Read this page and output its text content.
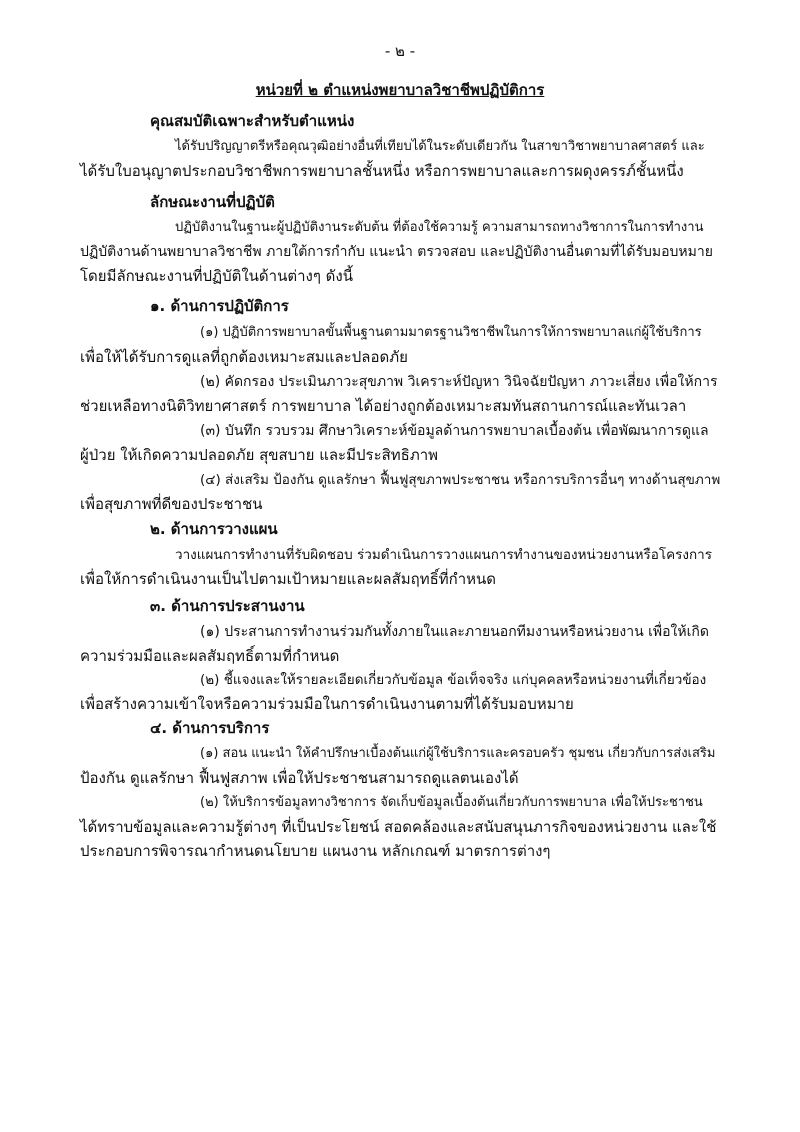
- ๒ -
หน่วยที่ ๒ ตำแหน่งพยาบาลวิชาชีพปฏิบัติการ
คุณสมบัติเฉพาะสำหรับตำแหน่ง
ได้รับปริญญาตรีหรือคุณวุฒิอย่างอื่นที่เทียบได้ในระดับเดียวกัน ในสาขาวิชาพยาบาลศาสตร์ และ
ได้รับใบอนุญาตประกอบวิชาชีพการพยาบาลชั้นหนึ่ง หรือการพยาบาลและการผดุงครรภ์ชั้นหนึ่ง
ลักษณะงานที่ปฏิบัติ
ปฏิบัติงานในฐานะผู้ปฏิบัติงานระดับต้น ที่ต้องใช้ความรู้ ความสามารถทางวิชาการในการทำงาน
ปฏิบัติงานด้านพยาบาลวิชาชีพ ภายใต้การกำกับ แนะนำ ตรวจสอบ และปฏิบัติงานอื่นตามที่ได้รับมอบหมาย
โดยมีลักษณะงานที่ปฏิบัติในด้านต่างๆ ดังนี้
๑. ด้านการปฏิบัติการ
(๑) ปฏิบัติการพยาบาลขั้นพื้นฐานตามมาตรฐานวิชาชีพในการให้การพยาบาลแก่ผู้ใช้บริการ
เพื่อให้ได้รับการดูแลที่ถูกต้องเหมาะสมและปลอดภัย
(๒) คัดกรอง ประเมินภาวะสุขภาพ วิเคราะห์ปัญหา วินิจฉัยปัญหา ภาวะเสี่ยง เพื่อให้การ
ช่วยเหลือทางนิติวิทยาศาสตร์ การพยาบาล ได้อย่างถูกต้องเหมาะสมทันสถานการณ์และทันเวลา
(๓) บันทึก รวบรวม ศึกษาวิเคราะห์ข้อมูลด้านการพยาบาลเบื้องต้น เพื่อพัฒนาการดูแล
ผู้ป่วย ให้เกิดความปลอดภัย สุขสบาย และมีประสิทธิภาพ
(๔) ส่งเสริม ป้องกัน ดูแลรักษา ฟื้นฟูสุขภาพประชาชน หรือการบริการอื่นๆ ทางด้านสุขภาพ
เพื่อสุขภาพที่ดีของประชาชน
๒. ด้านการวางแผน
วางแผนการทำงานที่รับผิดชอบ ร่วมดำเนินการวางแผนการทำงานของหน่วยงานหรือโครงการ
เพื่อให้การดำเนินงานเป็นไปตามเป้าหมายและผลสัมฤทธิ์ที่กำหนด
๓. ด้านการประสานงาน
(๑) ประสานการทำงานร่วมกันทั้งภายในและภายนอกทีมงานหรือหน่วยงาน เพื่อให้เกิด
ความร่วมมือและผลสัมฤทธิ์ตามที่กำหนด
(๒) ชี้แจงและให้รายละเอียดเกี่ยวกับข้อมูล ข้อเท็จจริง แก่บุคคลหรือหน่วยงานที่เกี่ยวข้อง
เพื่อสร้างความเข้าใจหรือความร่วมมือในการดำเนินงานตามที่ได้รับมอบหมาย
๔. ด้านการบริการ
(๑) สอน แนะนำ ให้คำปรึกษาเบื้องต้นแก่ผู้ใช้บริการและครอบครัว ชุมชน เกี่ยวกับการส่งเสริม
ป้องกัน ดูแลรักษา ฟื้นฟูสภาพ เพื่อให้ประชาชนสามารถดูแลตนเองได้
(๒) ให้บริการข้อมูลทางวิชาการ จัดเก็บข้อมูลเบื้องต้นเกี่ยวกับการพยาบาล เพื่อให้ประชาชน
ได้ทราบข้อมูลและความรู้ต่างๆ ที่เป็นประโยชน์ สอดคล้องและสนับสนุนภารกิจของหน่วยงาน และใช้
ประกอบการพิจารณากำหนดนโยบาย แผนงาน หลักเกณฑ์ มาตรการต่างๆ
